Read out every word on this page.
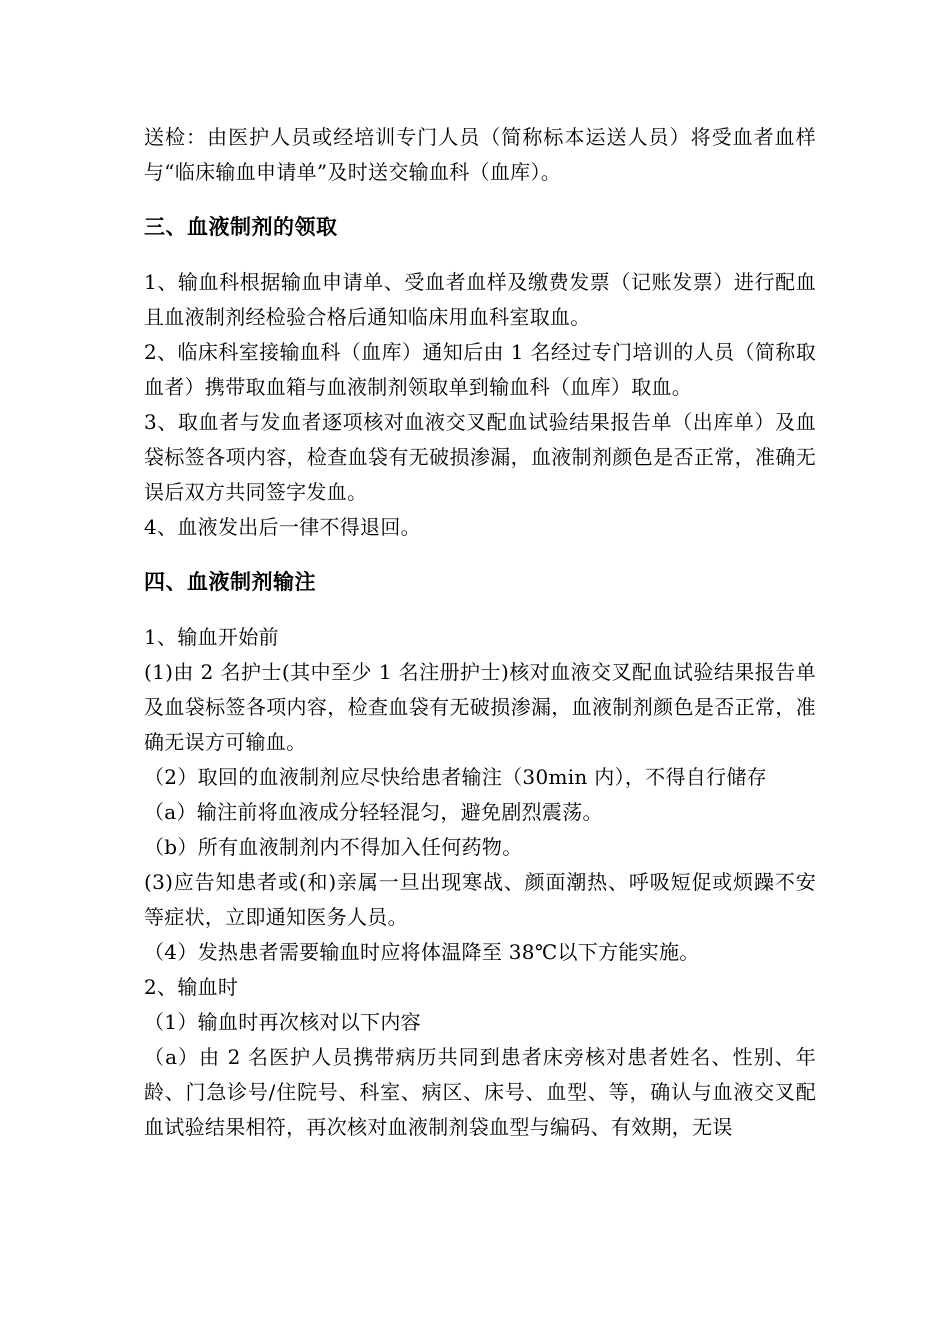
送检：由医护人员或经培训专门人员（简称标本运送人员）将受血者血样与“临床输血申请单”及时送交输血科（血库）。

三、血液制剂的领取

1、输血科根据输血申请单、受血者血样及缴费发票（记账发票）进行配血且血液制剂经检验合格后通知临床用血科室取血。

2、临床科室接输血科（血库）通知后由 1 名经过专门培训的人员（简称取血者）携带取血箱与血液制剂领取单到输血科（血库）取血。

3、取血者与发血者逐项核对血液交叉配血试验结果报告单（出库单）及血袋标签各项内容，检查血袋有无破损渗漏，血液制剂颜色是否正常，准确无误后双方共同签字发血。

4、血液发出后一律不得退回。

四、血液制剂输注

1、输血开始前

(1)由 2 名护士(其中至少 1 名注册护士)核对血液交叉配血试验结果报告单及血袋标签各项内容，检查血袋有无破损渗漏，血液制剂颜色是否正常，准确无误方可输血。

（2）取回的血液制剂应尽快给患者输注（30min 内），不得自行储存

（a）输注前将血液成分轻轻混匀，避免剧烈震荡。

（b）所有血液制剂内不得加入任何药物。

(3)应告知患者或(和)亲属一旦出现寒战、颜面潮热、呼吸短促或烦躁不安等症状，立即通知医务人员。

（4）发热患者需要输血时应将体温降至 38℃以下方能实施。

2、输血时

（1）输血时再次核对以下内容

（a）由 2 名医护人员携带病历共同到患者床旁核对患者姓名、性别、年龄、门急诊号/住院号、科室、病区、床号、血型、等，确认与血液交叉配血试验结果相符，再次核对血液制剂袋血型与编码、有效期，无误
